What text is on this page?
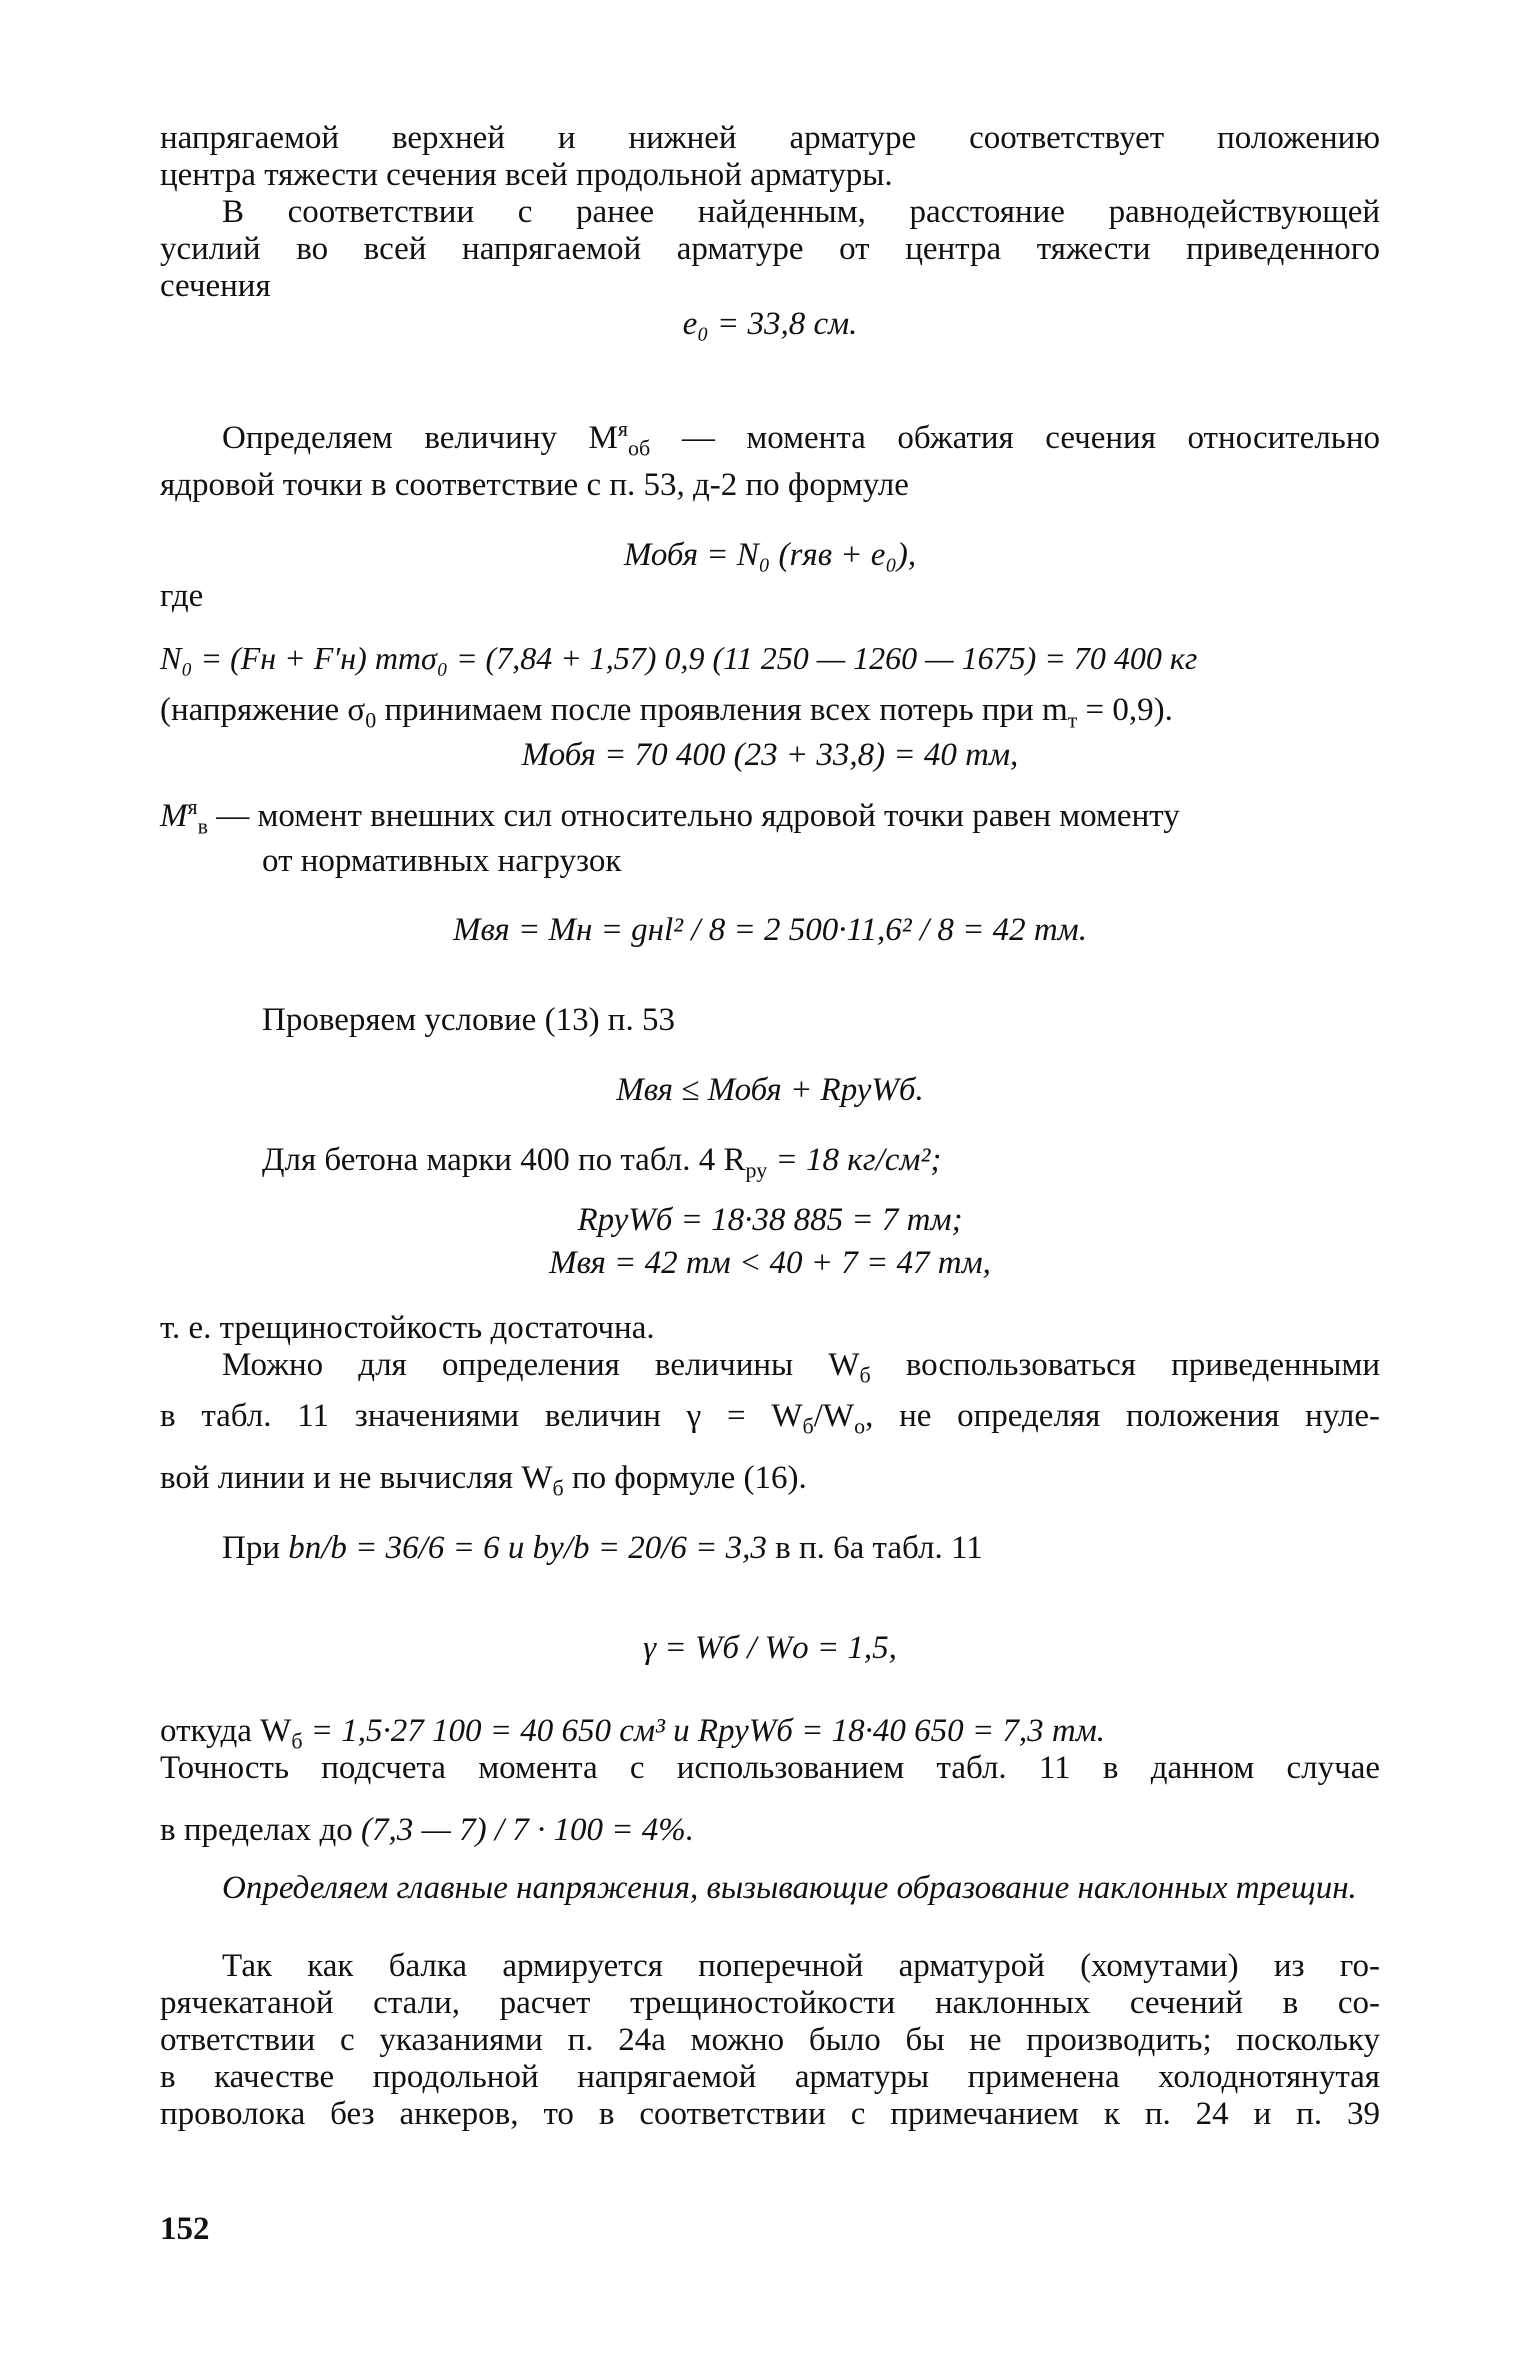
напрягаемой верхней и нижней арматуре соответствует положению
центра тяжести сечения всей продольной арматуры.
В соответствии с ранее найденным, расстояние равнодействующей
усилий во всей напрягаемой арматуре от центра тяжести приведенного
сечения
e₀ = 33,8 см.
Определяем величину $М^я_{об}$ — момента обжатия сечения относительно
ядровой точки в соответствие с п. 53, д-2 по формуле
Мобя = N₀ (rяв + e₀),
где
N₀ = (Fн + F′н) mтσ₀ = (7,84 + 1,57) 0,9 (11 250 — 1260 — 1675) = 70 400 кг
(напряжение $\sigma_0$ принимаем после проявления всех потерь при $m_т = 0,9$).
Мобя = 70 400 (23 + 33,8) = 40 тм,
$М^я_в$ — момент внешних сил относительно ядровой точки равен моменту
от нормативных нагрузок
Мвя = Мн = gнl² / 8 = 2 500·11,6² / 8 = 42 тм.
Проверяем условие (13) п. 53
Мвя ≤ Мобя + RруWб.
Для бетона марки 400 по табл. 4 $R_{ру} = 18$ кг/см²;
RруWб = 18·38 885 = 7 тм;
Мвя = 42 тм < 40 + 7 = 47 тм,
т. е. трещиностойкость достаточна.
Можно для определения величины $W_б$ воспользоваться приведенными
в табл. 11 значениями величин $\gamma = W_б/W_о$, не определяя положения нуле-
вой линии и не вычисляя $W_б$ по формуле (16).
При bп/b = 36/6 = 6 и bу/b = 20/6 = 3,3 в п. 6а табл. 11
γ = Wб / Wо = 1,5,
откуда $W_б = 1,5\cdot 27$ 100 = 40 650 см³ и RруWб = 18·40 650 = 7,3 тм.
Точность подсчета момента с использованием табл. 11 в данном случае
в пределах до (7,3 — 7) / 7 · 100 = 4%.
Определяем главные напряжения, вызывающие образование наклонных трещин.
Так как балка армируется поперечной арматурой (хомутами) из го-
рячекатаной стали, расчет трещиностойкости наклонных сечений в со-
ответствии с указаниями п. 24а можно было бы не производить; поскольку
в качестве продольной напрягаемой арматуры применена холоднотянутая
проволока без анкеров, то в соответствии с примечанием к п. 24 и п. 39
152
